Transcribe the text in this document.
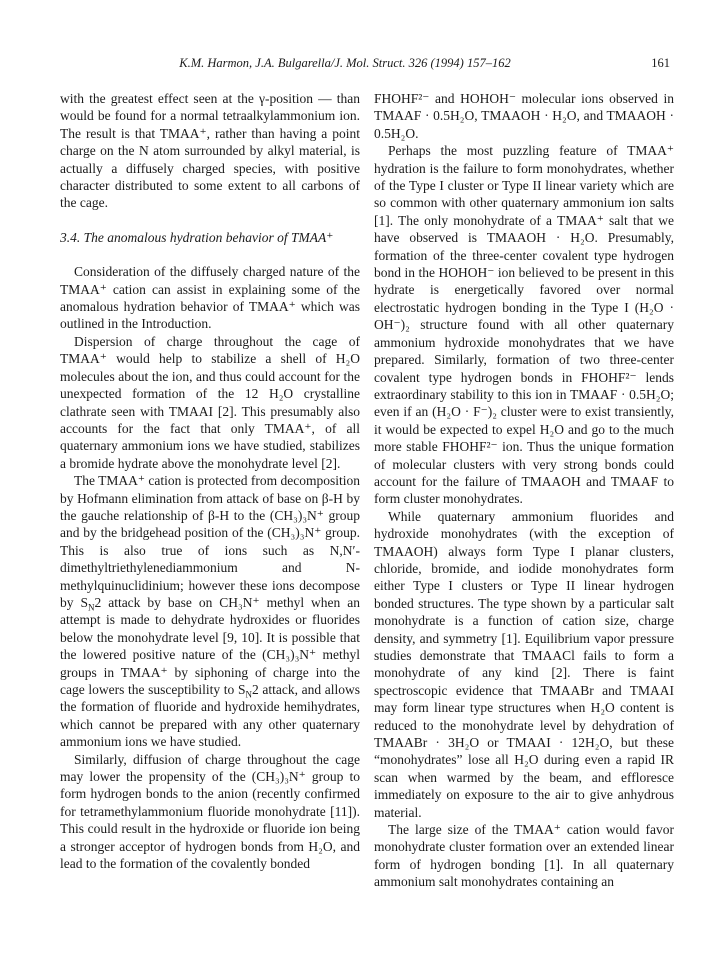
K.M. Harmon, J.A. Bulgarella/J. Mol. Struct. 326 (1994) 157–162	161

with the greatest effect seen at the γ-position — than would be found for a normal tetraalkylammonium ion. The result is that TMAA⁺, rather than having a point charge on the N atom surrounded by alkyl material, is actually a diffusely charged species, with positive character distributed to some extent to all carbons of the cage.

3.4. The anomalous hydration behavior of TMAA⁺

Consideration of the diffusely charged nature of the TMAA⁺ cation can assist in explaining some of the anomalous hydration behavior of TMAA⁺ which was outlined in the Introduction.

Dispersion of charge throughout the cage of TMAA⁺ would help to stabilize a shell of H₂O molecules about the ion, and thus could account for the unexpected formation of the 12 H₂O crystalline clathrate seen with TMAAI [2]. This presumably also accounts for the fact that only TMAA⁺, of all quaternary ammonium ions we have studied, stabilizes a bromide hydrate above the monohydrate level [2].

The TMAA⁺ cation is protected from decomposition by Hofmann elimination from attack of base on β-H by the gauche relationship of β-H to the (CH₃)₃N⁺ group and by the bridgehead position of the (CH₃)₃N⁺ group. This is also true of ions such as N,N′-dimethyltriethylenediammonium and N-methylquinuclidinium; however these ions decompose by $S_N2$ attack by base on CH₃N⁺ methyl when an attempt is made to dehydrate hydroxides or fluorides below the monohydrate level [9, 10]. It is possible that the lowered positive nature of the (CH₃)₃N⁺ methyl groups in TMAA⁺ by siphoning of charge into the cage lowers the susceptibility to $S_N2$ attack, and allows the formation of fluoride and hydroxide hemihydrates, which cannot be prepared with any other quaternary ammonium ions we have studied.

Similarly, diffusion of charge throughout the cage may lower the propensity of the (CH₃)₃N⁺ group to form hydrogen bonds to the anion (recently confirmed for tetramethylammonium fluoride monohydrate [11]). This could result in the hydroxide or fluoride ion being a stronger acceptor of hydrogen bonds from H₂O, and lead to the formation of the covalently bonded

FHOHF²⁻ and HOHOH⁻ molecular ions observed in TMAAF · 0.5H₂O, TMAAOH · H₂O, and TMAAOH · 0.5H₂O.

Perhaps the most puzzling feature of TMAA⁺ hydration is the failure to form monohydrates, whether of the Type I cluster or Type II linear variety which are so common with other quaternary ammonium ion salts [1]. The only monohydrate of a TMAA⁺ salt that we have observed is TMAAOH · H₂O. Presumably, formation of the three-center covalent type hydrogen bond in the HOHOH⁻ ion believed to be present in this hydrate is energetically favored over normal electrostatic hydrogen bonding in the Type I (H₂O · OH⁻)₂ structure found with all other quaternary ammonium hydroxide monohydrates that we have prepared. Similarly, formation of two three-center covalent type hydrogen bonds in FHOHF²⁻ lends extraordinary stability to this ion in TMAAF · 0.5H₂O; even if an (H₂O · F⁻)₂ cluster were to exist transiently, it would be expected to expel H₂O and go to the much more stable FHOHF²⁻ ion. Thus the unique formation of molecular clusters with very strong bonds could account for the failure of TMAAOH and TMAAF to form cluster monohydrates.

While quaternary ammonium fluorides and hydroxide monohydrates (with the exception of TMAAOH) always form Type I planar clusters, chloride, bromide, and iodide monohydrates form either Type I clusters or Type II linear hydrogen bonded structures. The type shown by a particular salt monohydrate is a function of cation size, charge density, and symmetry [1]. Equilibrium vapor pressure studies demonstrate that TMAACl fails to form a monohydrate of any kind [2]. There is faint spectroscopic evidence that TMAABr and TMAAI may form linear type structures when H₂O content is reduced to the monohydrate level by dehydration of TMAABr · 3H₂O or TMAAI · 12H₂O, but these “monohydrates” lose all H₂O during even a rapid IR scan when warmed by the beam, and effloresce immediately on exposure to the air to give anhydrous material.

The large size of the TMAA⁺ cation would favor monohydrate cluster formation over an extended linear form of hydrogen bonding [1]. In all quaternary ammonium salt monohydrates containing an
